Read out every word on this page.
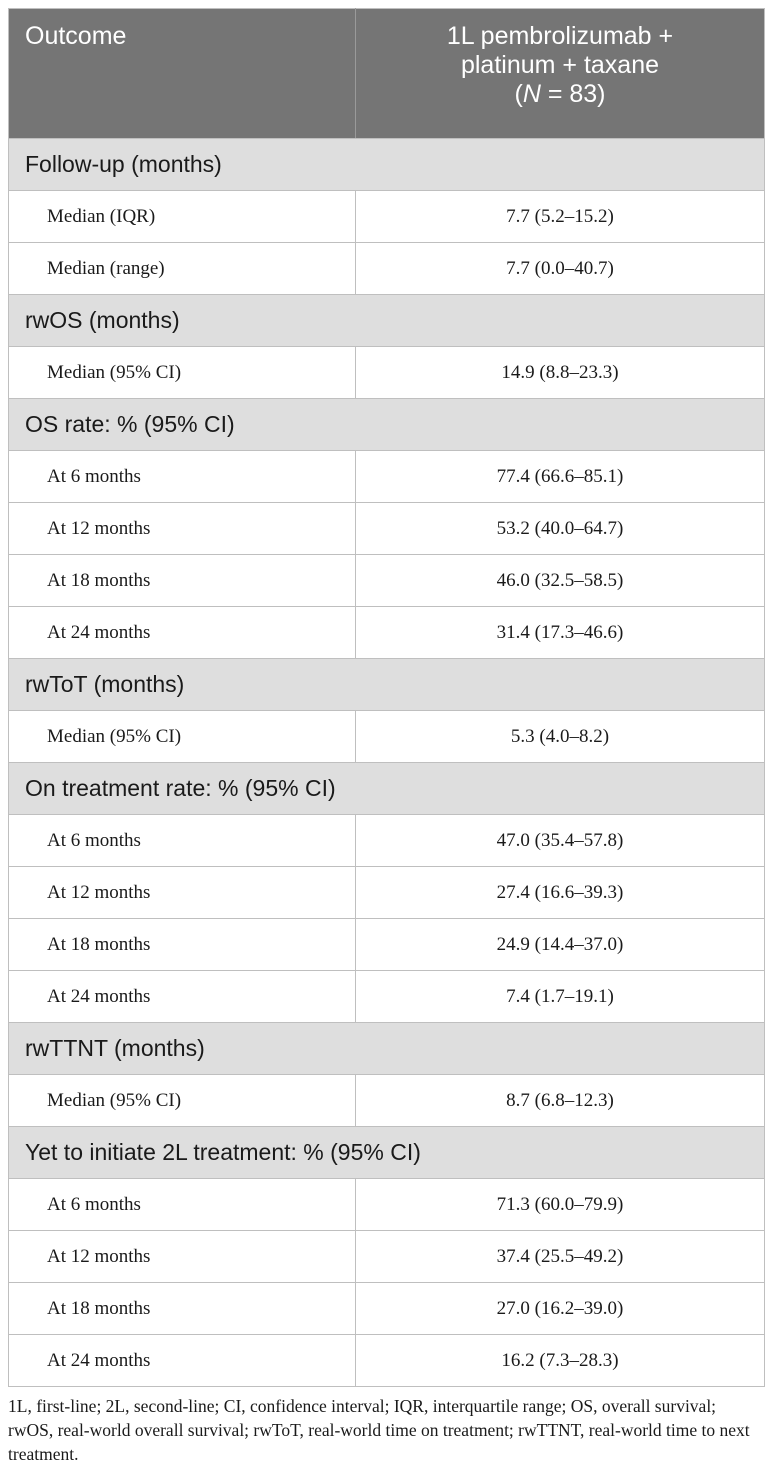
Outcome	1L pembrolizumab +
platinum + taxane
(N = 83)
Follow-up (months)	
Median (IQR)	7.7 (5.2–15.2)
Median (range)	7.7 (0.0–40.7)
rwOS (months)	
Median (95% CI)	14.9 (8.8–23.3)
OS rate: % (95% CI)	
At 6 months	77.4 (66.6–85.1)
At 12 months	53.2 (40.0–64.7)
At 18 months	46.0 (32.5–58.5)
At 24 months	31.4 (17.3–46.6)
rwToT (months)	
Median (95% CI)	5.3 (4.0–8.2)
On treatment rate: % (95% CI)	
At 6 months	47.0 (35.4–57.8)
At 12 months	27.4 (16.6–39.3)
At 18 months	24.9 (14.4–37.0)
At 24 months	7.4 (1.7–19.1)
rwTTNT (months)	
Median (95% CI)	8.7 (6.8–12.3)
Yet to initiate 2L treatment: % (95% CI)	
At 6 months	71.3 (60.0–79.9)
At 12 months	37.4 (25.5–49.2)
At 18 months	27.0 (16.2–39.0)
At 24 months	16.2 (7.3–28.3)
1L, first-line; 2L, second-line; CI, confidence interval; IQR, interquartile range; OS, overall survival; rwOS, real-world overall survival; rwToT, real-world time on treatment; rwTTNT, real-world time to next treatment.
